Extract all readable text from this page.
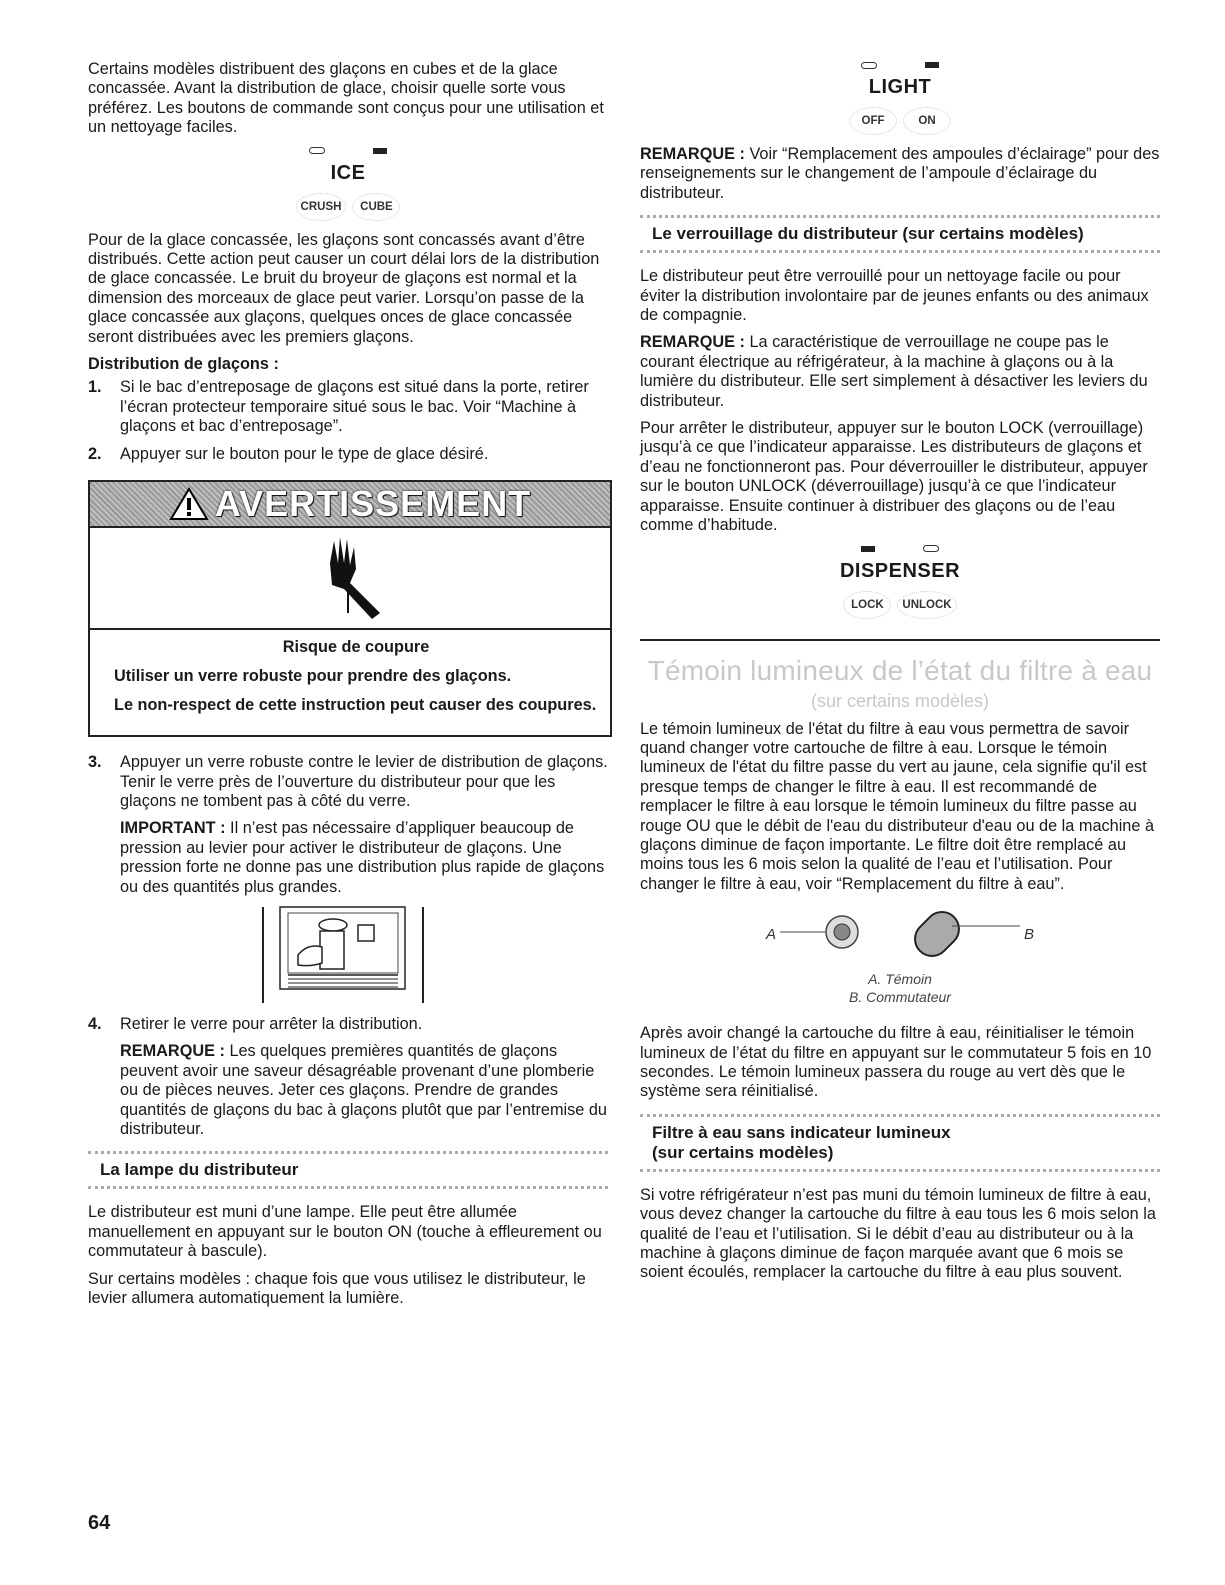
Certains modèles distribuent des glaçons en cubes et de la glace concassée. Avant la distribution de glace, choisir quelle sorte vous préférez. Les boutons de commande sont conçus pour une utilisation et un nettoyage faciles.

ICE
CRUSH	CUBE

Pour de la glace concassée, les glaçons sont concassés avant d’être distribués. Cette action peut causer un court délai lors de la distribution de glace concassée. Le bruit du broyeur de glaçons est normal et la dimension des morceaux de glace peut varier. Lorsqu’on passe de la glace concassée aux glaçons, quelques onces de glace concassée seront distribuées avec les premiers glaçons.

Distribution de glaçons :

1. Si le bac d’entreposage de glaçons est situé dans la porte, retirer l’écran protecteur temporaire situé sous le bac. Voir “Machine à glaçons et bac d’entreposage”.
2. Appuyer sur le bouton pour le type de glace désiré.
AVERTISSEMENT
Risque de coupure
Utiliser un verre robuste pour prendre des glaçons.
Le non-respect de cette instruction peut causer des coupures.
3. Appuyer un verre robuste contre le levier de distribution de glaçons. Tenir le verre près de l’ouverture du distributeur pour que les glaçons ne tombent pas à côté du verre.

IMPORTANT : Il n’est pas nécessaire d’appliquer beaucoup de pression au levier pour activer le distributeur de glaçons. Une pression forte ne donne pas une distribution plus rapide de glaçons ou des quantités plus grandes.

4. Retirer le verre pour arrêter la distribution.

REMARQUE : Les quelques premières quantités de glaçons peuvent avoir une saveur désagréable provenant d’une plomberie ou de pièces neuves. Jeter ces glaçons. Prendre de grandes quantités de glaçons du bac à glaçons plutôt que par l’entremise du distributeur.

La lampe du distributeur

Le distributeur est muni d’une lampe. Elle peut être allumée manuellement en appuyant sur le bouton ON (touche à effleurement ou commutateur à bascule).

Sur certains modèles : chaque fois que vous utilisez le distributeur, le levier allumera automatiquement la lumière.

LIGHT
OFF	ON

REMARQUE : Voir “Remplacement des ampoules d’éclairage” pour des renseignements sur le changement de l’ampoule d’éclairage du distributeur.

Le verrouillage du distributeur (sur certains modèles)

Le distributeur peut être verrouillé pour un nettoyage facile ou pour éviter la distribution involontaire par de jeunes enfants ou des animaux de compagnie.

REMARQUE : La caractéristique de verrouillage ne coupe pas le courant électrique au réfrigérateur, à la machine à glaçons ou à la lumière du distributeur. Elle sert simplement à désactiver les leviers du distributeur.

Pour arrêter le distributeur, appuyer sur le bouton LOCK (verrouillage) jusqu’à ce que l’indicateur apparaisse. Les distributeurs de glaçons et d’eau ne fonctionneront pas. Pour déverrouiller le distributeur, appuyer sur le bouton UNLOCK (déverrouillage) jusqu’à ce que l’indicateur apparaisse. Ensuite continuer à distribuer des glaçons ou de l’eau comme d’habitude.

DISPENSER
LOCK	UNLOCK
Témoin lumineux de l’état du filtre à eau
(sur certains modèles)

Le témoin lumineux de l'état du filtre à eau vous permettra de savoir quand changer votre cartouche de filtre à eau. Lorsque le témoin lumineux de l'état du filtre passe du vert au jaune, cela signifie qu'il est presque temps de changer le filtre à eau. Il est recommandé de remplacer le filtre à eau lorsque le témoin lumineux du filtre passe au rouge OU que le débit de l'eau du distributeur d'eau ou de la machine à glaçons diminue de façon importante. Le filtre doit être remplacé au moins tous les 6 mois selon la qualité de l’eau et l’utilisation. Pour changer le filtre à eau, voir “Remplacement du filtre à eau”.

A	B
A. Témoin
B. Commutateur

Après avoir changé la cartouche du filtre à eau, réinitialiser le témoin lumineux de l’état du filtre en appuyant sur le commutateur 5 fois en 10 secondes. Le témoin lumineux passera du rouge au vert dès que le système sera réinitialisé.

Filtre à eau sans indicateur lumineux
(sur certains modèles)

Si votre réfrigérateur n’est pas muni du témoin lumineux de filtre à eau, vous devez changer la cartouche du filtre à eau tous les 6 mois selon la qualité de l’eau et l’utilisation. Si le débit d’eau au distributeur ou à la machine à glaçons diminue de façon marquée avant que 6 mois se soient écoulés, remplacer la cartouche du filtre à eau plus souvent.

64
